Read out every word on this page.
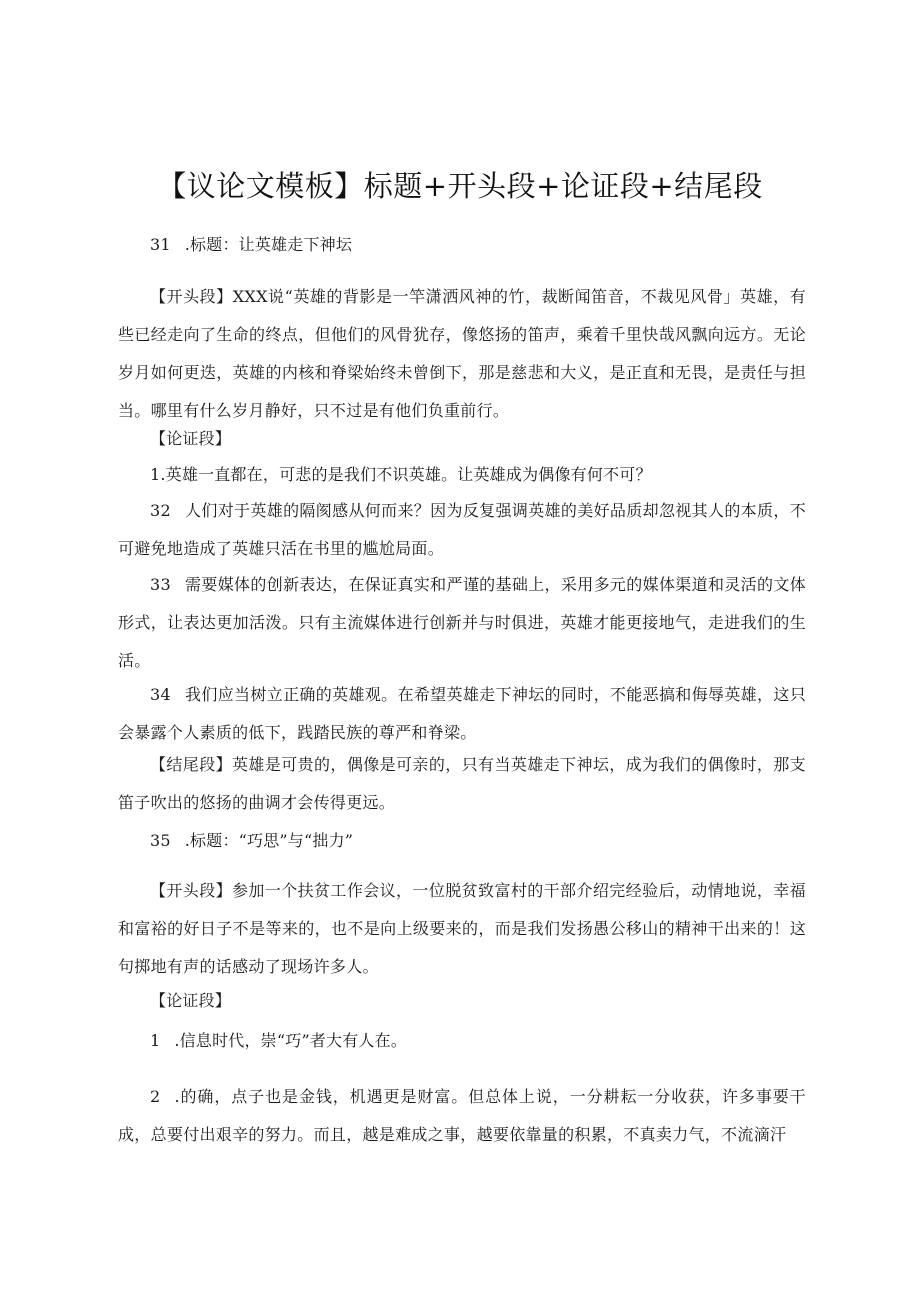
【议论文模板】标题+开头段+论证段+结尾段
31 .标题：让英雄走下神坛
【开头段】XXX说“英雄的背影是一竿潇洒风神的竹，裁断闻笛音，不裁见风骨」英雄，有些已经走向了生命的终点，但他们的风骨犹存，像悠扬的笛声，乘着千里快哉风飘向远方。无论岁月如何更迭，英雄的内核和脊梁始终未曾倒下，那是慈悲和大义，是正直和无畏，是责任与担当。哪里有什么岁月静好，只不过是有他们负重前行。
【论证段】
1.英雄一直都在，可悲的是我们不识英雄。让英雄成为偶像有何不可？
32 人们对于英雄的隔阂感从何而来？因为反复强调英雄的美好品质却忽视其人的本质，不可避免地造成了英雄只活在书里的尴尬局面。
33 需要媒体的创新表达，在保证真实和严谨的基础上，采用多元的媒体渠道和灵活的文体形式，让表达更加活泼。只有主流媒体进行创新并与时俱进，英雄才能更接地气，走进我们的生活。
34 我们应当树立正确的英雄观。在希望英雄走下神坛的同时，不能恶搞和侮辱英雄，这只会暴露个人素质的低下，践踏民族的尊严和脊梁。
【结尾段】英雄是可贵的，偶像是可亲的，只有当英雄走下神坛，成为我们的偶像时，那支笛子吹出的悠扬的曲调才会传得更远。
35 .标题：“巧思”与“拙力”
【开头段】参加一个扶贫工作会议，一位脱贫致富村的干部介绍完经验后，动情地说，幸福和富裕的好日子不是等来的，也不是向上级要来的，而是我们发扬愚公移山的精神干出来的！这句掷地有声的话感动了现场许多人。
【论证段】
1 .信息时代，崇“巧”者大有人在。
2 .的确，点子也是金钱，机遇更是财富。但总体上说，一分耕耘一分收获，许多事要干成，总要付出艰辛的努力。而且，越是难成之事，越要依靠量的积累，不真卖力气，不流滴汗
